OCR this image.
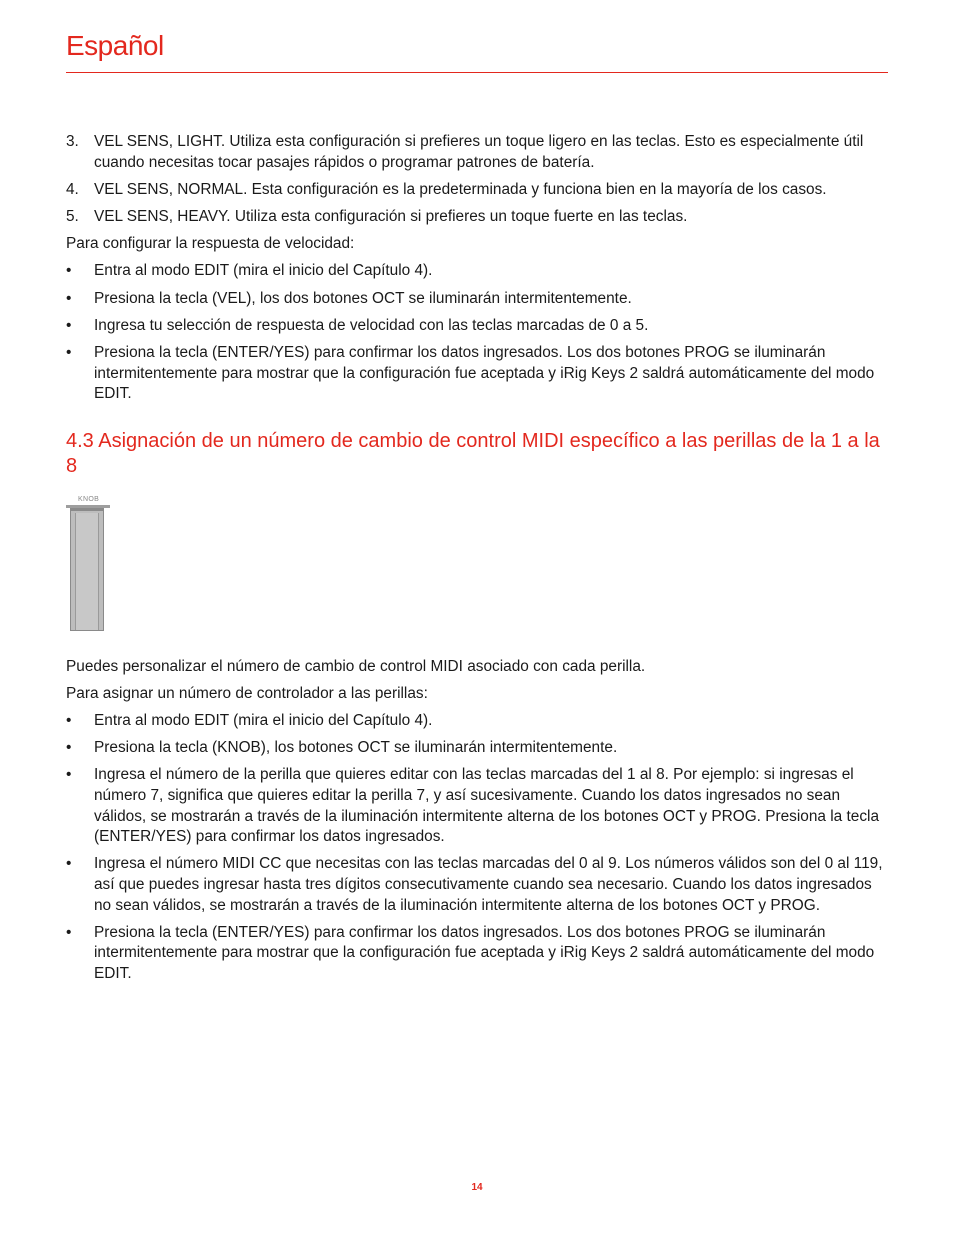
Español
3. VEL SENS, LIGHT. Utiliza esta configuración si prefieres un toque ligero en las teclas. Esto es especialmente útil cuando necesitas tocar pasajes rápidos o programar patrones de batería.
4. VEL SENS, NORMAL. Esta configuración es la predeterminada y funciona bien en la mayoría de los casos.
5. VEL SENS, HEAVY. Utiliza esta configuración si prefieres un toque fuerte en las teclas.

Para configurar la respuesta de velocidad:

•	Entra al modo EDIT (mira el inicio del Capítulo 4).
•	Presiona la tecla (VEL), los dos botones OCT se iluminarán intermitentemente.
•	Ingresa tu selección de respuesta de velocidad con las teclas marcadas de 0 a 5.
•	Presiona la tecla (ENTER/YES) para confirmar los datos ingresados. Los dos botones PROG se iluminarán intermitentemente para mostrar que la configuración fue aceptada y iRig Keys 2 saldrá automáticamente del modo EDIT.
4.3 Asignación de un número de cambio de control MIDI específico a las perillas de la 1 a la 8
KNOB

Puedes personalizar el número de cambio de control MIDI asociado con cada perilla.

Para asignar un número de controlador a las perillas:

•	Entra al modo EDIT (mira el inicio del Capítulo 4).
•	Presiona la tecla (KNOB), los botones OCT se iluminarán intermitentemente.
•	Ingresa el número de la perilla que quieres editar con las teclas marcadas del 1 al 8. Por ejemplo: si ingresas el número 7, significa que quieres editar la perilla 7, y así sucesivamente. Cuando los datos ingresados no sean válidos, se mostrarán a través de la iluminación intermitente alterna de los botones OCT y PROG. Presiona la tecla (ENTER/YES) para confirmar los datos ingresados.
•	Ingresa el número MIDI CC que necesitas con las teclas marcadas del 0 al 9. Los números válidos son del 0 al 119, así que puedes ingresar hasta tres dígitos consecutivamente cuando sea necesario. Cuando los datos ingresados no sean válidos, se mostrarán a través de la iluminación intermitente alterna de los botones OCT y PROG.
•	Presiona la tecla (ENTER/YES) para confirmar los datos ingresados. Los dos botones PROG se iluminarán intermitentemente para mostrar que la configuración fue aceptada y iRig Keys 2 saldrá automáticamente del modo EDIT.
14
